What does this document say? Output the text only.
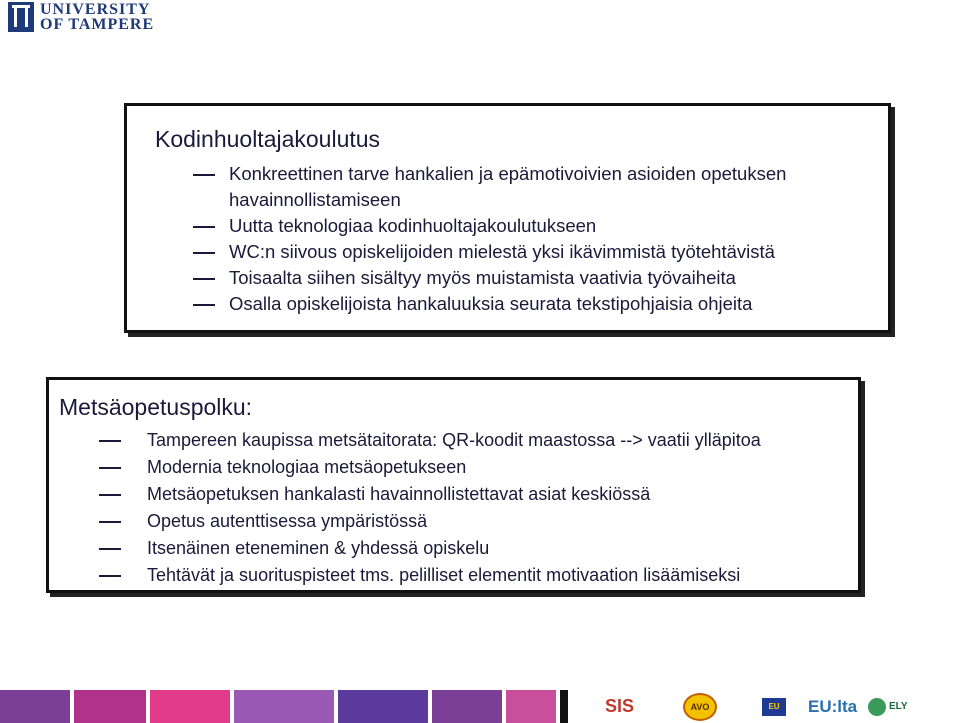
UNIVERSITY
OF TAMPERE
Kodinhuoltajakoulutus
Konkreettinen tarve hankalien ja epämotivoivien asioiden opetuksen havainnollistamiseen
Uutta teknologiaa kodinhuoltajakoulutukseen
WC:n siivous opiskelijoiden mielestä yksi ikävimmistä työtehtävistä
Toisaalta siihen sisältyy myös muistamista vaativia työvaiheita
Osalla opiskelijoista hankaluuksia seurata tekstipohjaisia ohjeita
Metsäopetuspolku:
Tampereen kaupissa metsätaitorata: QR-koodit maastossa --> vaatii ylläpitoa
Modernia teknologiaa metsäopetukseen
Metsäopetuksen hankalasti havainnollistettavat asiat keskiössä
Opetus autenttisessa ympäristössä
Itsenäinen eteneminen & yhdessä opiskelu
Tehtävät ja suorituspisteet tms. pelilliset elementit motivaation lisäämiseksi
SIS	AVO	EU	EU:lta	ELY
